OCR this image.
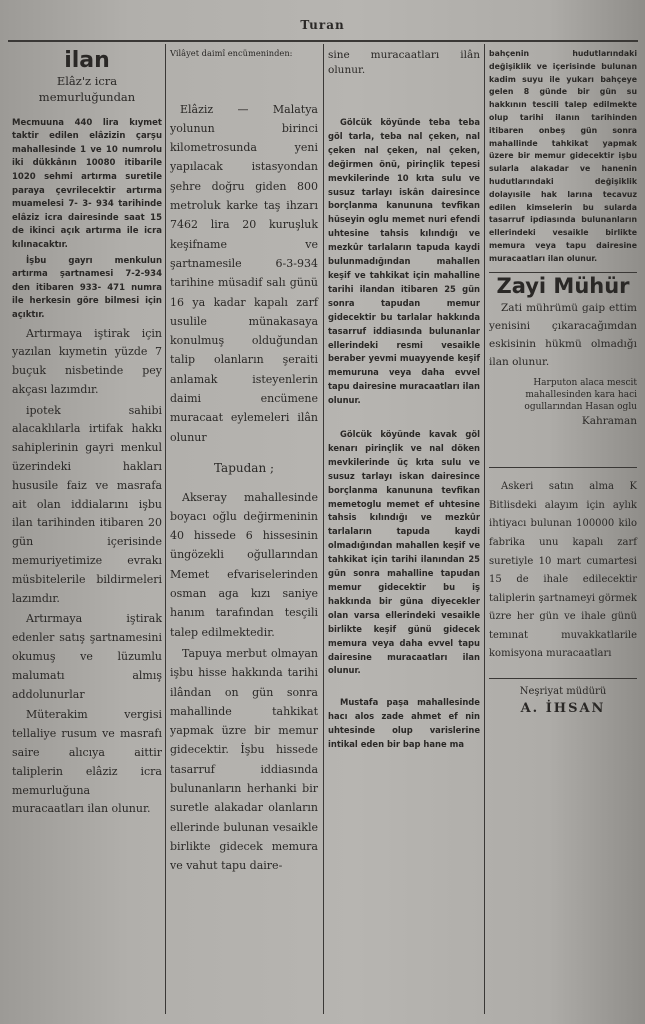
Turan
ilan

Elâz'z icra memurluğundan

Mecmuuna 440 lira kıymet taktir edilen elâzizin çarşu mahallesinde 1 ve 10 numrolu iki dükkânın 10080 itibarile 1020 sehmi artırma suretile paraya çevrilecektir artırma muamelesi 7- 3- 934 tarihinde elâziz icra dairesinde saat 15 de ikinci açık artırma ile icra kılınacaktır.

İşbu gayrı menkulun artırma şartnamesi 7-2-934 den itibaren 933- 471 numra ile herkesin göre bilmesi için açıktır.

Artırmaya iştirak için yazılan kıymetin yüzde 7 buçuk nisbetinde pey akçası lazımdır.

ipotek sahibi alacaklılarla irtifak hakkı sahiplerinin gayri menkul üzerindeki hakları hususile faiz ve masrafa ait olan iddialarını işbu ilan tarihinden itibaren 20 gün içerisinde memuriyetimize evrakı müsbitelerile bildirmeleri lazımdır.

Artırmaya iştirak edenler satış şartnamesini okumuş ve lüzumlu malumatı almış addolunurlar

Müterakim vergisi tellaliye rusum ve masrafı saire alıcıya aittir taliplerin elâziz icra memurluğuna muracaatları ilan olunur.

Vilâyet daimî encümeninden:

Elâziz — Malatya yolunun birinci kilometrosunda yeni yapılacak istasyondan şehre doğru giden 800 metroluk karke taş ihzarı 7462 lira 20 kuruşluk keşifname ve şartnamesile 6-3-934 tarihine müsadif salı günü 16 ya kadar kapalı zarf usulile münakasaya konulmuş olduğundan talip olanların şeraiti anlamak isteyenlerin daimi encümene muracaat eylemeleri ilân olunur

Tapudan ;

Akseray mahallesinde boyacı oğlu değirmeninin 40 hissede 6 hissesinin üngözekli oğullarından Memet efvariselerinden osman aga kızı saniye hanım tarafından tesçili talep edilmektedir.

Tapuya merbut olmayan işbu hisse hakkında tarihi ilândan on gün sonra mahallinde tahkikat yapmak üzre bir memur gidecektir. İşbu hissede tasarruf iddiasında bulunanların herhanki bir suretle alakadar olanların ellerinde bulunan vesaikle birlikte gidecek memura ve vahut tapu daire-

sine muracaatları ilân olunur.

Gölcük köyünde teba teba göl tarla, teba nal çeken, nal çeken nal çeken, nal çeken, değirmen önü, pirinçlik tepesi mevkilerinde 10 kıta sulu ve susuz tarlayı iskân dairesince borçlanma kanununa tevfikan hüseyin oglu memet nuri efendi uhtesine tahsis kılındığı ve mezkûr tarlaların tapuda kaydi bulunmadığından mahallen keşif ve tahkikat için mahalline tarihi ilandan itibaren 25 gün sonra tapudan memur gidecektir bu tarlalar hakkında tasarruf iddiasında bulunanlar ellerindeki resmi vesaikle beraber yevmi muayyende keşif memuruna veya daha evvel tapu dairesine muracaatları ilan olunur.

Gölcük köyünde kavak göl kenarı pirinçlik ve nal döken mevkilerinde üç kıta sulu ve susuz tarlayı iskan dairesince borçlanma kanununa tevfikan memetoglu memet ef uhtesine tahsis kılındığı ve mezkûr tarlaların tapuda kaydi olmadığından mahallen keşif ve tahkikat için tarihi ilanından 25 gün sonra mahalline tapudan memur gidecektir bu iş hakkında bir güna diyecekler olan varsa ellerindeki vesaikle birlikte keşif günü gidecek memura veya daha evvel tapu dairesine muracaatları ilan olunur.

Mustafa paşa mahallesinde hacı alos zade ahmet ef nin uhtesinde olup varislerine intikal eden bir bap hane ma

bahçenin hudutlarındaki değişiklik ve içerisinde bulunan kadim suyu ile yukarı bahçeye gelen 8 günde bir gün su hakkının tescili talep edilmekte olup tarihi ilanın tarihinden itibaren onbeş gün sonra mahallinde tahkikat yapmak üzere bir memur gidecektir işbu sularla alakadar ve hanenin hudutlarındaki değişiklik dolayısile hak larına tecavuz edilen kimselerin bu sularda tasarruf ipdiasında bulunanların ellerindeki vesaikle birlikte memura veya tapu dairesine muracaatları ilan olunur.

Zayi Mühür

Zati mührümü gaip ettim yenisini çıkaracağımdan eskisinin hükmü olmadığı ilan olunur.

Harputon alaca mescit mahallesinden kara haci ogullarından Hasan oglu

Kahraman

Askeri satın alma K Bitlisdeki alayım için aylık ihtiyacı bulunan 100000 kilo fabrika unu kapalı zarf suretiyle 10 mart cumartesi 15 de ihale edilecektir taliplerin şartnameyi görmek üzre her gün ve ihale günü temınat muvakkatlarile komisyona muracaatları

Neşriyat müdürü

A. İHSAN
